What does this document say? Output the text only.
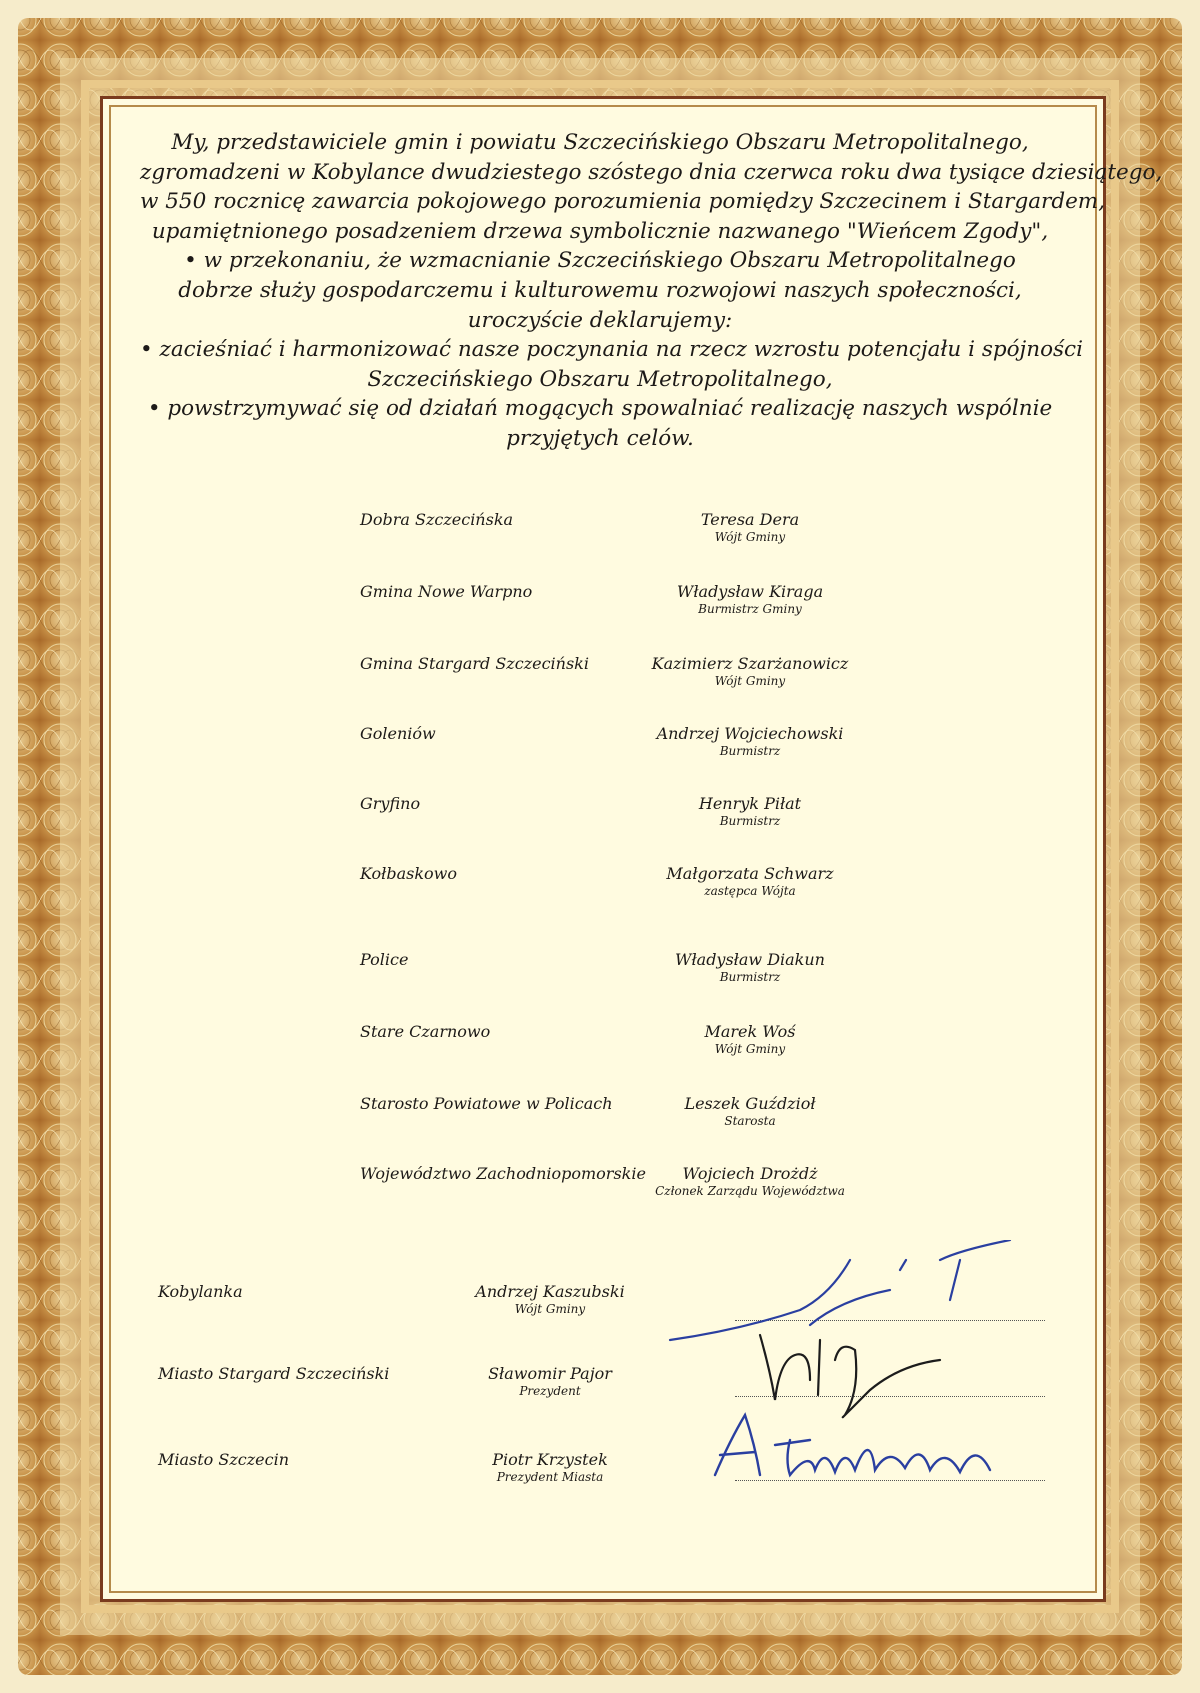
My, przedstawiciele gmin i powiatu Szczecińskiego Obszaru Metropolitalnego,

zgromadzeni w Kobylance dwudziestego szóstego dnia czerwca roku dwa tysiące dziesiątego,

w 550 rocznicę zawarcia pokojowego porozumienia pomiędzy Szczecinem i Stargardem,

upamiętnionego posadzeniem drzewa symbolicznie nazwanego "Wieńcem Zgody",

• w przekonaniu, że wzmacnianie Szczecińskiego Obszaru Metropolitalnego

dobrze służy gospodarczemu i kulturowemu rozwojowi naszych społeczności,

uroczyście deklarujemy:

• zacieśniać i harmonizować nasze poczynania na rzecz wzrostu potencjału i spójności

Szczecińskiego Obszaru Metropolitalnego,

• powstrzymywać się od działań mogących spowalniać realizację naszych wspólnie

przyjętych celów.

Dobra Szczecińska	Teresa Dera
Wójt Gminy
Gmina Nowe Warpno	Władysław Kiraga
Burmistrz Gminy
Gmina Stargard Szczeciński	Kazimierz Szarżanowicz
Wójt Gminy
Goleniów	Andrzej Wojciechowski
Burmistrz
Gryfino	Henryk Piłat
Burmistrz
Kołbaskowo	Małgorzata Schwarz
zastępca Wójta
Police	Władysław Diakun
Burmistrz
Stare Czarnowo	Marek Woś
Wójt Gminy
Starosto Powiatowe w Policach	Leszek Guździoł
Starosta
Województwo Zachodniopomorskie	Wojciech Drożdż
Członek Zarządu Województwa
Kobylanka	Andrzej Kaszubski
Wójt Gminy
Miasto Stargard Szczeciński	Sławomir Pajor
Prezydent
Miasto Szczecin	Piotr Krzystek
Prezydent Miasta
